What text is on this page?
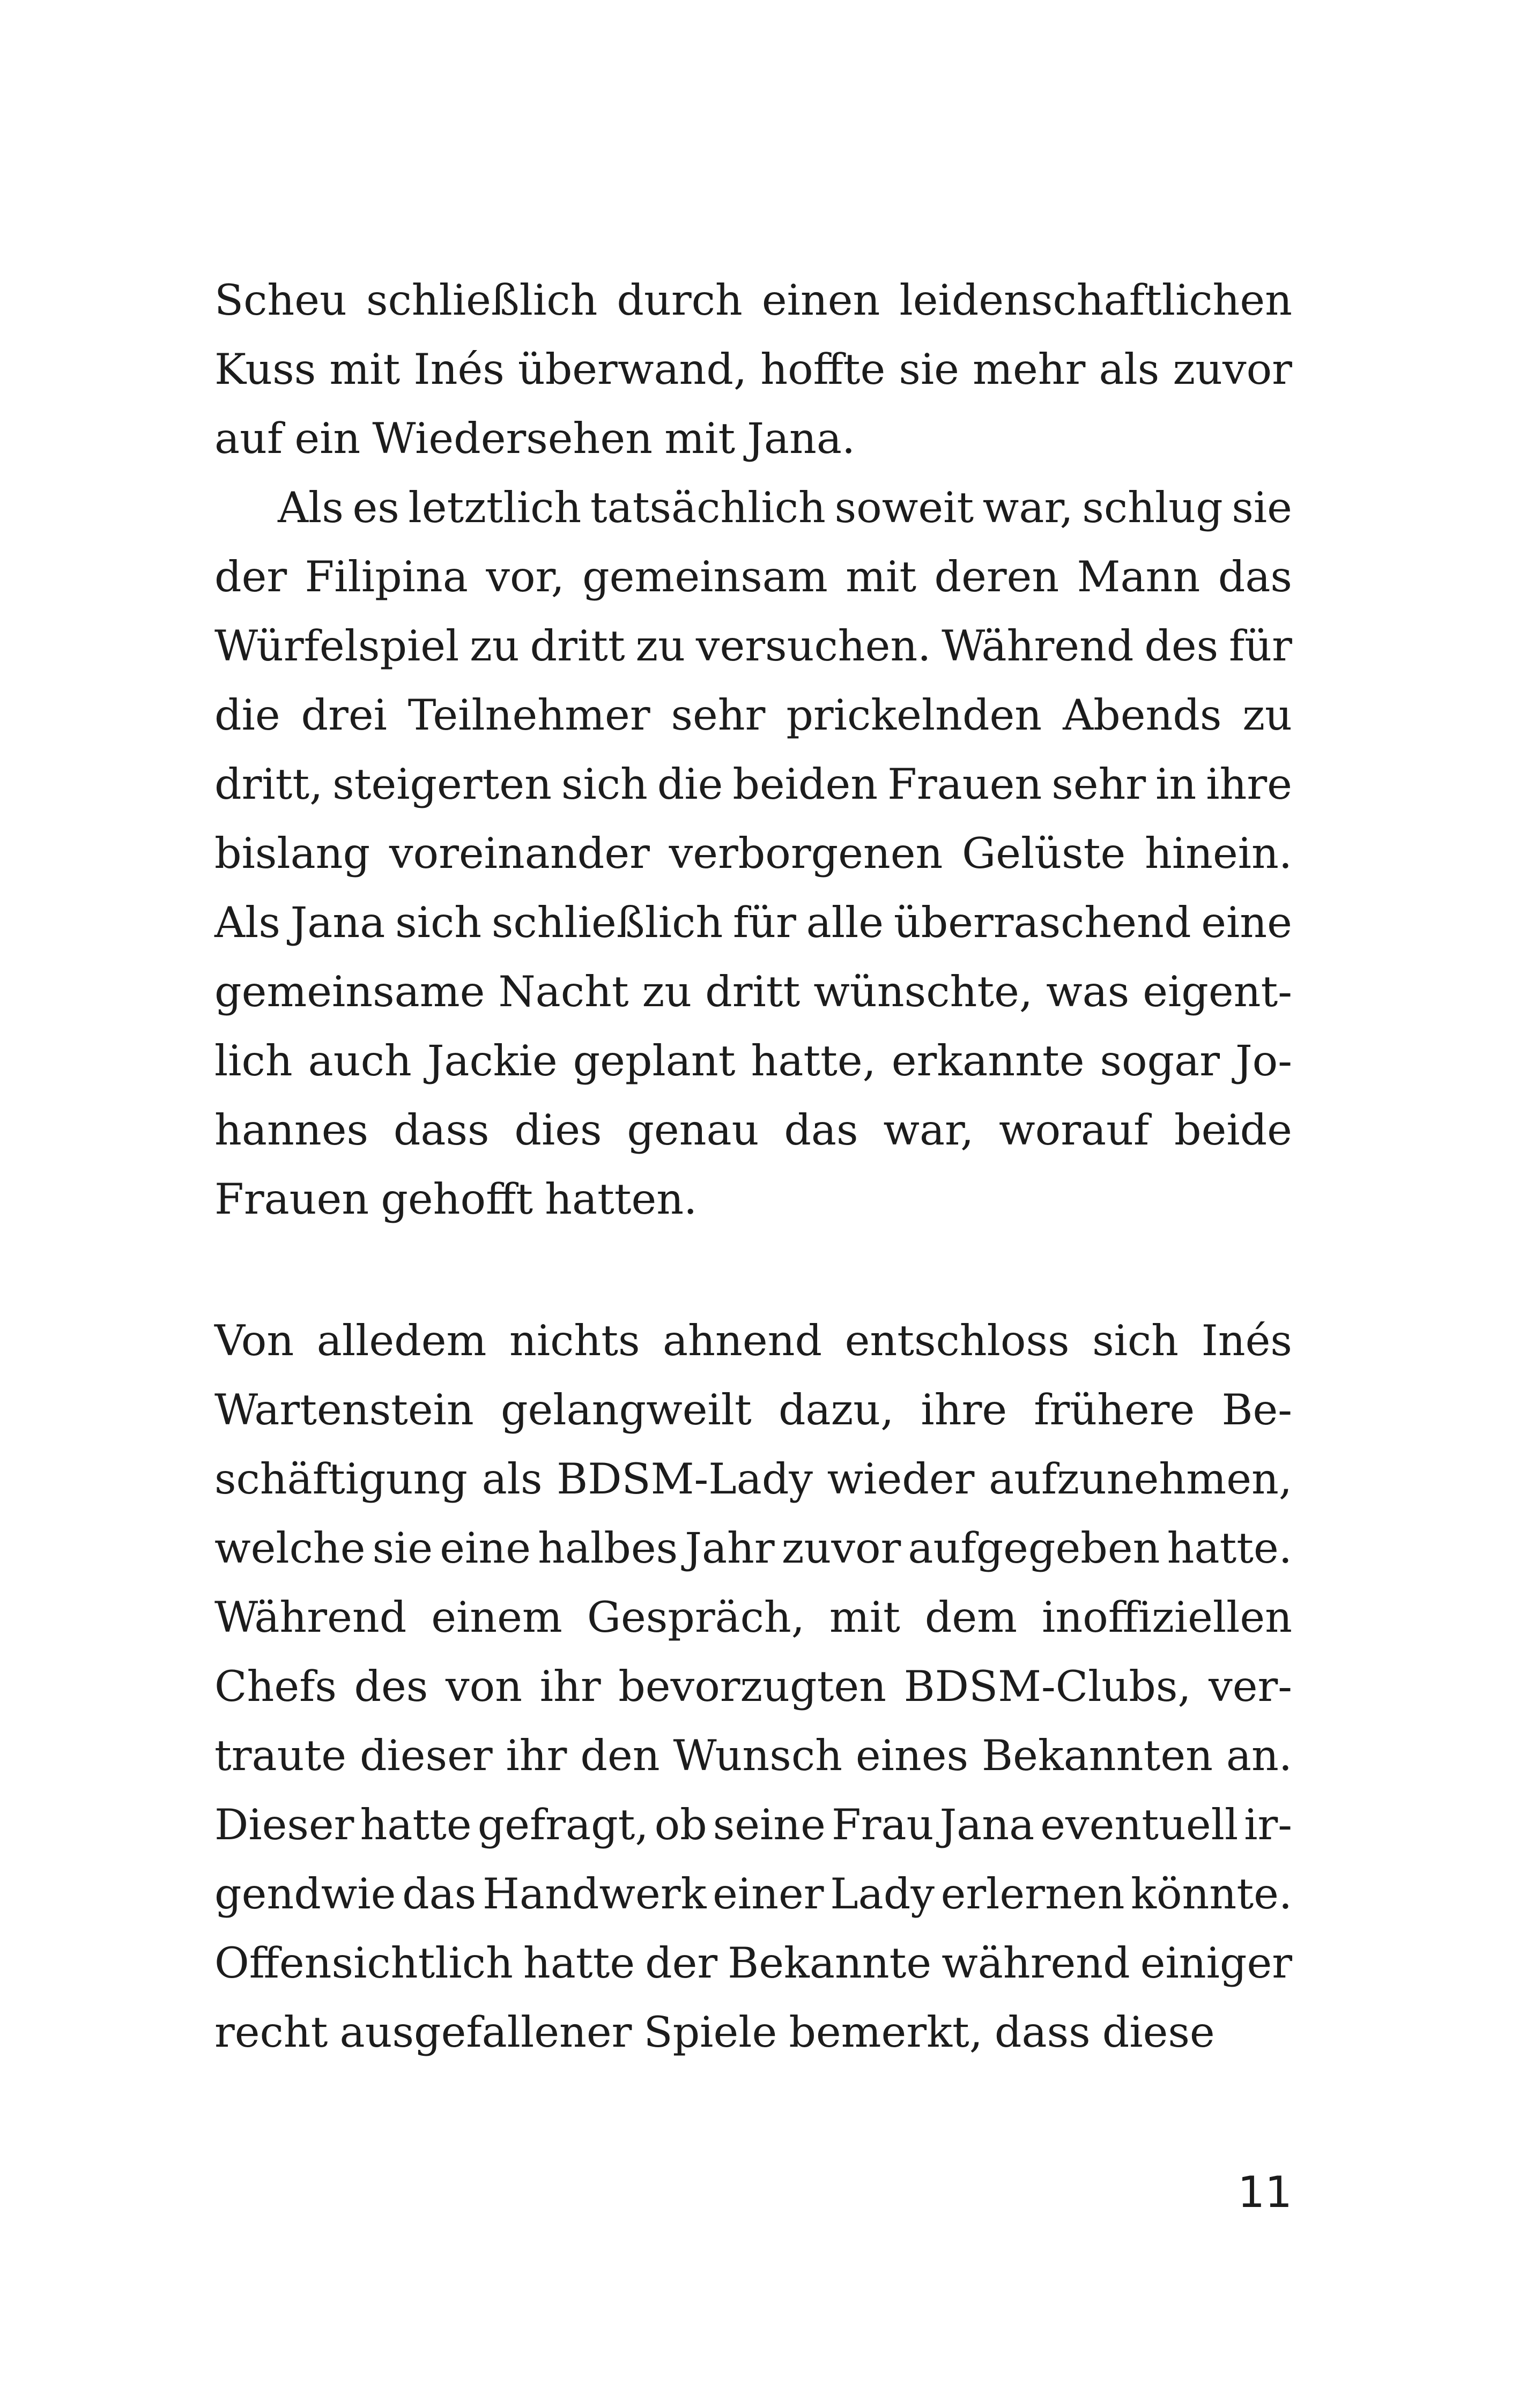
Scheu schließlich durch einen leidenschaftlichen
Kuss mit Inés überwand, hoffte sie mehr als zuvor
auf ein Wiedersehen mit Jana.
Als es letztlich tatsächlich soweit war, schlug sie
der Filipina vor, gemeinsam mit deren Mann das
Würfelspiel zu dritt zu versuchen. Während des für
die drei Teilnehmer sehr prickelnden Abends zu
dritt, steigerten sich die beiden Frauen sehr in ihre
bislang voreinander verborgenen Gelüste hinein.
Als Jana sich schließlich für alle überraschend eine
gemeinsame Nacht zu dritt wünschte, was eigent-
lich auch Jackie geplant hatte, erkannte sogar Jo-
hannes dass dies genau das war, worauf beide
Frauen gehofft hatten.
Von alledem nichts ahnend entschloss sich Inés
Wartenstein gelangweilt dazu, ihre frühere Be-
schäftigung als BDSM-Lady wieder aufzunehmen,
welche sie eine halbes Jahr zuvor aufgegeben hatte.
Während einem Gespräch, mit dem inoffiziellen
Chefs des von ihr bevorzugten BDSM-Clubs, ver-
traute dieser ihr den Wunsch eines Bekannten an.
Dieser hatte gefragt, ob seine Frau Jana eventuell ir-
gendwie das Handwerk einer Lady erlernen könnte.
Offensichtlich hatte der Bekannte während einiger
recht ausgefallener Spiele bemerkt, dass diese
11
